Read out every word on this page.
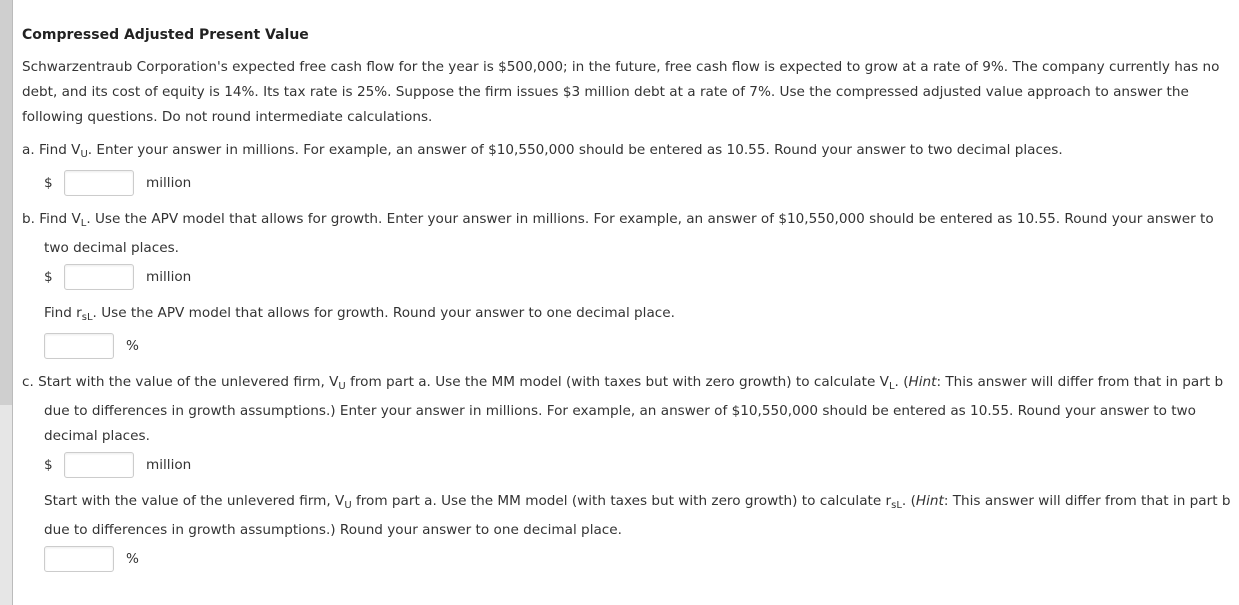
Compressed Adjusted Present Value

Schwarzentraub Corporation's expected free cash flow for the year is $500,000; in the future, free cash flow is expected to grow at a rate of 9%. The company currently has no debt, and its cost of equity is 14%. Its tax rate is 25%. Suppose the firm issues $3 million debt at a rate of 7%. Use the compressed adjusted value approach to answer the following questions. Do not round intermediate calculations.

a. Find $V_U$. Enter your answer in millions. For example, an answer of $10,550,000 should be entered as 10.55. Round your answer to two decimal places.
$	million
b. Find $V_L$. Use the APV model that allows for growth. Enter your answer in millions. For example, an answer of $10,550,000 should be entered as 10.55. Round your answer to two decimal places.
$	million
Find $r_{sL}$. Use the APV model that allows for growth. Round your answer to one decimal place.
%
c. Start with the value of the unlevered firm, $V_U$ from part a. Use the MM model (with taxes but with zero growth) to calculate $V_L$. (Hint: This answer will differ from that in part b due to differences in growth assumptions.) Enter your answer in millions. For example, an answer of $10,550,000 should be entered as 10.55. Round your answer to two decimal places.
$	million
Start with the value of the unlevered firm, $V_U$ from part a. Use the MM model (with taxes but with zero growth) to calculate $r_{sL}$. (Hint: This answer will differ from that in part b due to differences in growth assumptions.) Round your answer to one decimal place.
%
